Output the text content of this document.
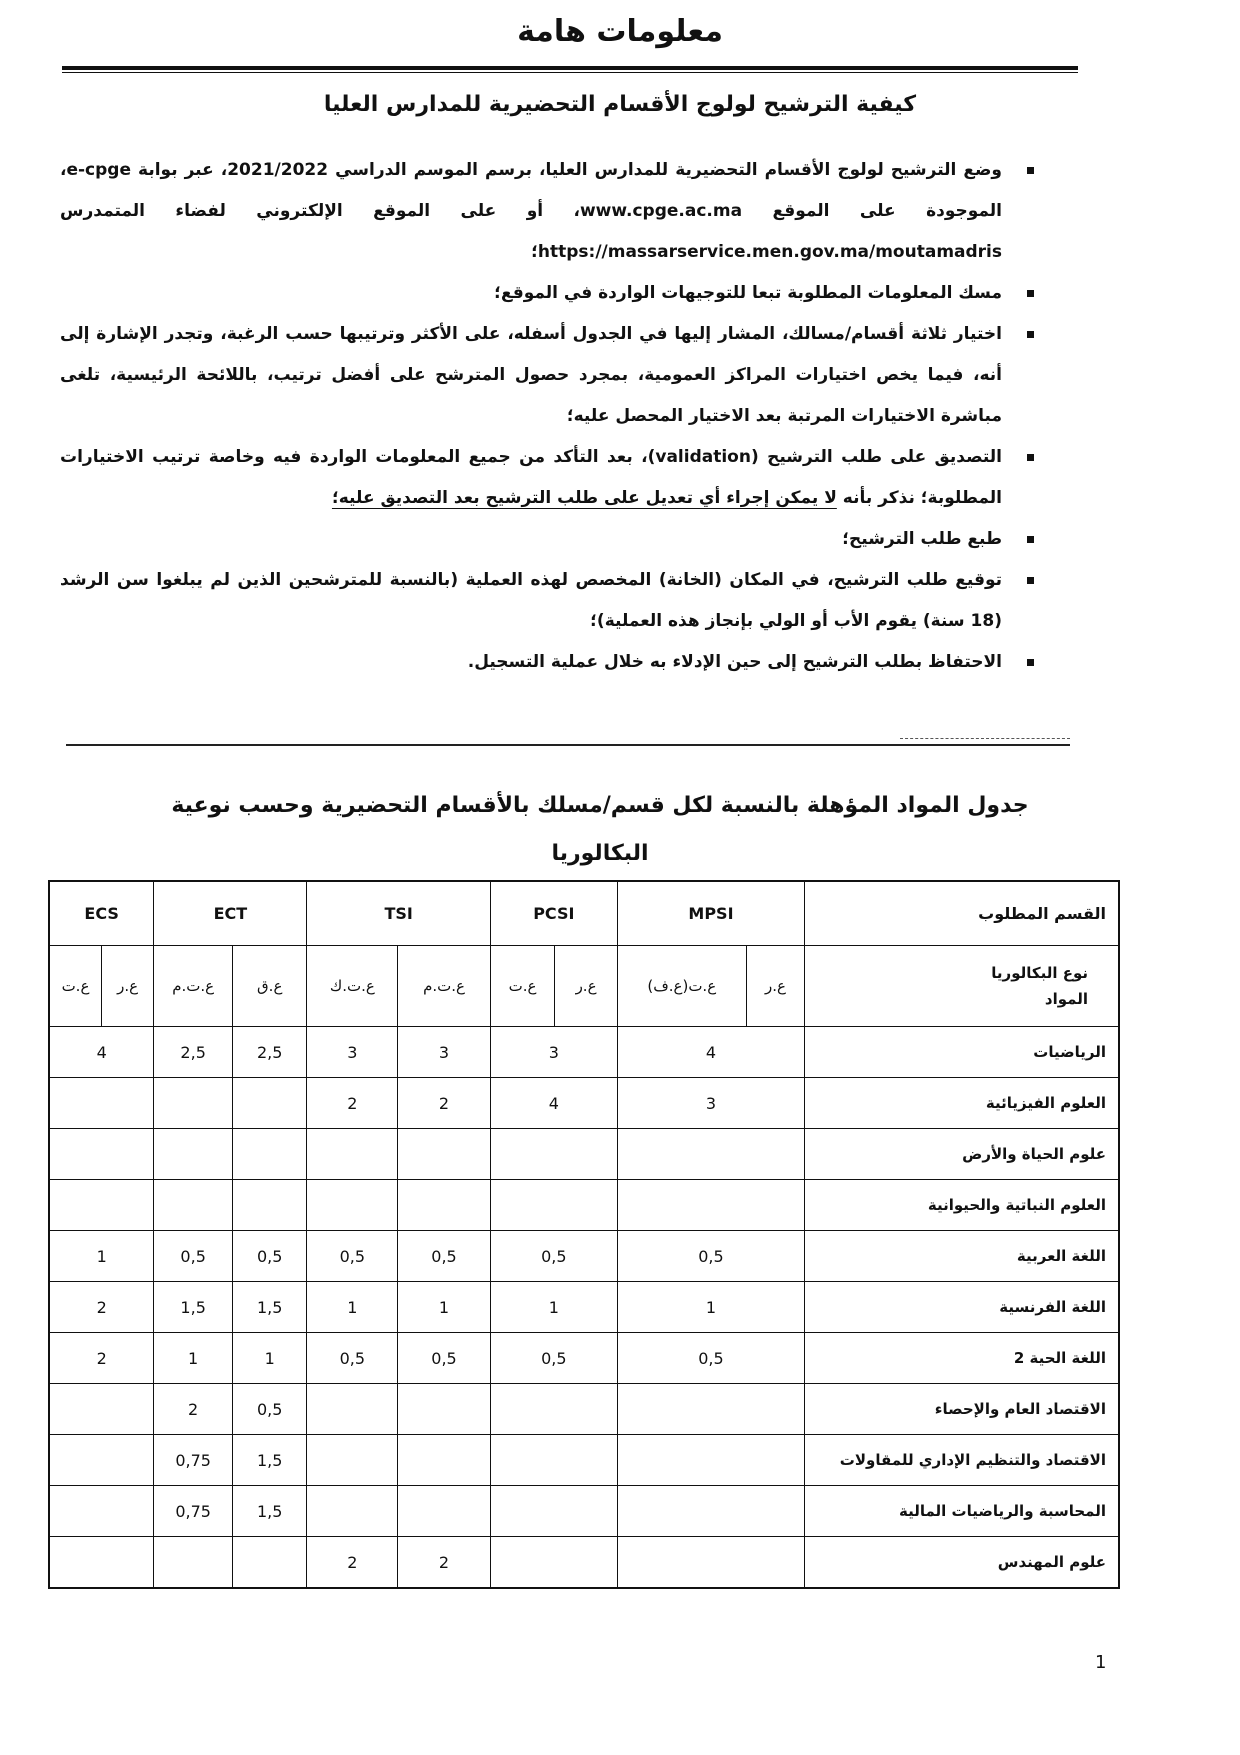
معلومات هامة
كيفية الترشيح لولوج الأقسام التحضيرية للمدارس العليا
وضع الترشيح لولوج الأقسام التحضيرية للمدارس العليا، برسم الموسم الدراسي 2021/2022، عبر بوابة e-cpge، الموجودة على الموقع www.cpge.ac.ma، أو على الموقع الإلكتروني لفضاء المتمدرس https://massarservice.men.gov.ma/moutamadris؛
مسك المعلومات المطلوبة تبعا للتوجيهات الواردة في الموقع؛
اختيار ثلاثة أقسام/مسالك، المشار إليها في الجدول أسفله، على الأكثر وترتيبها حسب الرغبة، وتجدر الإشارة إلى أنه، فيما يخص اختيارات المراكز العمومية، بمجرد حصول المترشح على أفضل ترتيب، باللائحة الرئيسية، تلغى مباشرة الاختيارات المرتبة بعد الاختيار المحصل عليه؛
التصديق على طلب الترشيح (validation)، بعد التأكد من جميع المعلومات الواردة فيه وخاصة ترتيب الاختيارات المطلوبة؛ نذكر بأنه لا يمكن إجراء أي تعديل على طلب الترشيح بعد التصديق عليه؛
طبع طلب الترشيح؛
توقيع طلب الترشيح، في المكان (الخانة) المخصص لهذه العملية (بالنسبة للمترشحين الذين لم يبلغوا سن الرشد (18 سنة) يقوم الأب أو الولي بإنجاز هذه العملية)؛
الاحتفاظ بطلب الترشيح إلى حين الإدلاء به خلال عملية التسجيل.
جدول المواد المؤهلة بالنسبة لكل قسم/مسلك بالأقسام التحضيرية وحسب نوعية البكالوريا
القسم المطلوب	MPSI		PCSI		TSI		ECT		ECS	

نوع البكالوريا
المواد	ع.ر	ع.ت(ع.ف)	ع.ر	ع.ت	ع.ت.م	ع.ت.ك	ع.ق	ع.ت.م	ع.ر	ع.ت
الرياضيات	4		3		3	3	2,5	2,5	4	
العلوم الفيزيائية	3		4		2	2				
علوم الحياة والأرض										
العلوم النباتية والحيوانية										
اللغة العربية	0,5		0,5		0,5	0,5	0,5	0,5	1	
اللغة الفرنسية	1		1		1	1	1,5	1,5	2	
اللغة الحية 2	0,5		0,5		0,5	0,5	1	1	2	
الاقتصاد العام والإحصاء							0,5	2		
الاقتصاد والتنظيم الإداري للمقاولات							1,5	0,75		
المحاسبة والرياضيات المالية							1,5	0,75		
علوم المهندس					2	2				
1
